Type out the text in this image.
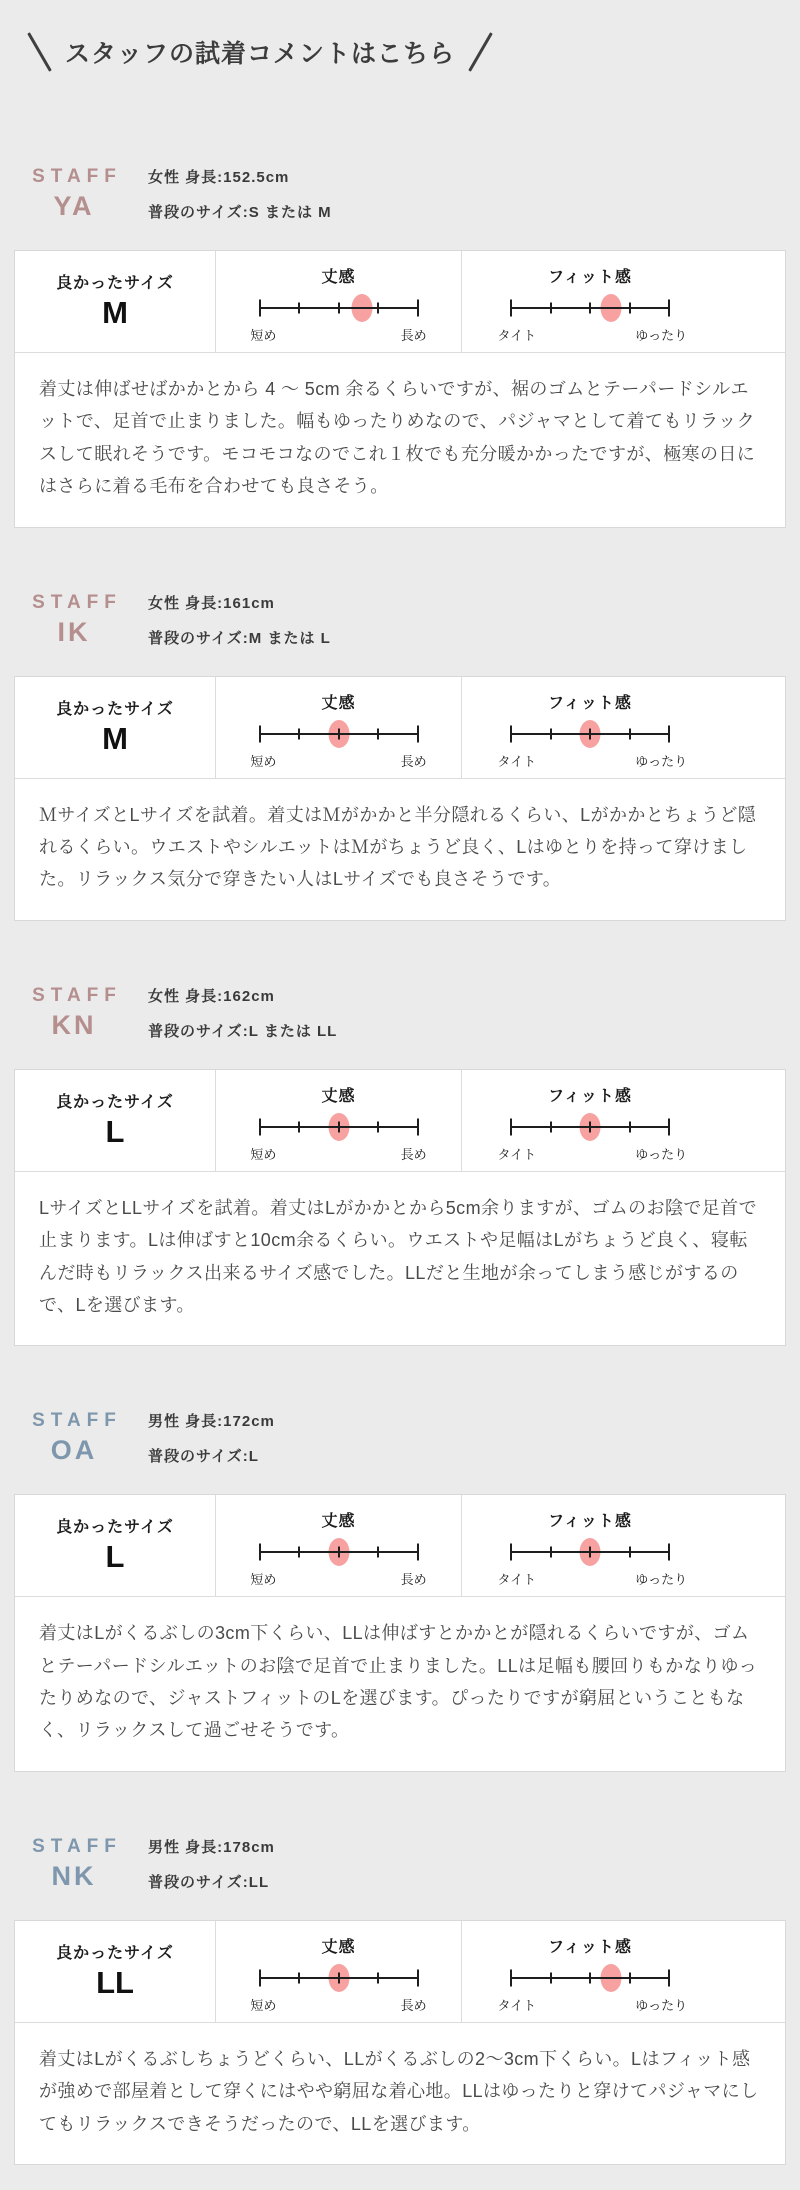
スタッフの試着コメントはこちら
STAFF
YA
女性 身長:152.5cm
普段のサイズ:S または M
良かったサイズ
M
丈感
短め	長め
フィット感
タイト	ゆったり
着丈は伸ばせばかかとから 4 〜 5cm 余るくらいですが、裾のゴムとテーパードシルエットで、足首で止まりました。幅もゆったりめなので、パジャマとして着てもリラックスして眠れそうです。モコモコなのでこれ１枚でも充分暖かかったですが、極寒の日にはさらに着る毛布を合わせても良さそう。
STAFF
IK
女性 身長:161cm
普段のサイズ:M または L
良かったサイズ
M
丈感
短め	長め
フィット感
タイト	ゆったり
ＭサイズとLサイズを試着。着丈はＭがかかと半分隠れるくらい、Lがかかとちょうど隠れるくらい。ウエストやシルエットはＭがちょうど良く、Lはゆとりを持って穿けました。リラックス気分で穿きたい人はLサイズでも良さそうです。
STAFF
KN
女性 身長:162cm
普段のサイズ:L または LL
良かったサイズ
L
丈感
短め	長め
フィット感
タイト	ゆったり
LサイズとLLサイズを試着。着丈はLがかかとから5cm余りますが、ゴムのお陰で足首で止まります。Lは伸ばすと10cm余るくらい。ウエストや足幅はLがちょうど良く、寝転んだ時もリラックス出来るサイズ感でした。LLだと生地が余ってしまう感じがするので、Lを選びます。
STAFF
OA
男性 身長:172cm
普段のサイズ:L
良かったサイズ
L
丈感
短め	長め
フィット感
タイト	ゆったり
着丈はLがくるぶしの3cm下くらい、LLは伸ばすとかかとが隠れるくらいですが、ゴムとテーパードシルエットのお陰で足首で止まりました。LLは足幅も腰回りもかなりゆったりめなので、ジャストフィットのLを選びます。ぴったりですが窮屈ということもなく、リラックスして過ごせそうです。
STAFF
NK
男性 身長:178cm
普段のサイズ:LL
良かったサイズ
LL
丈感
短め	長め
フィット感
タイト	ゆったり
着丈はLがくるぶしちょうどくらい、LLがくるぶしの2〜3cm下くらい。Lはフィット感が強めで部屋着として穿くにはやや窮屈な着心地。LLはゆったりと穿けてパジャマにしてもリラックスできそうだったので、LLを選びます。
